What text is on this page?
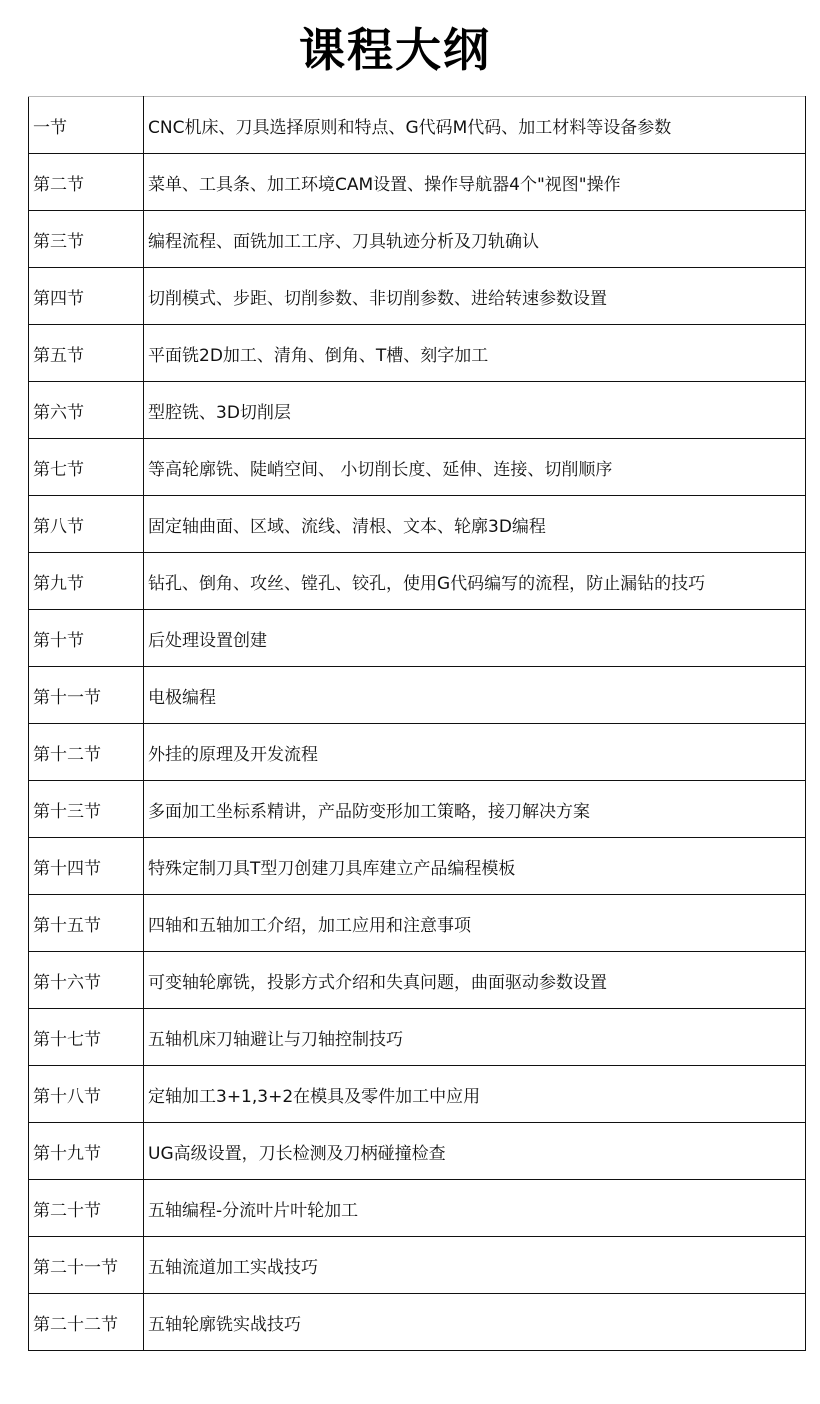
课程大纲
一节	CNC机床、刀具选择原则和特点、G代码M代码、加工材料等设备参数
第二节	菜单、工具条、加工环境CAM设置、操作导航器4个"视图"操作
第三节	编程流程、面铣加工工序、刀具轨迹分析及刀轨确认
第四节	切削模式、步距、切削参数、非切削参数、进给转速参数设置
第五节	平面铣2D加工、清角、倒角、T槽、刻字加工
第六节	型腔铣、3D切削层
第七节	等高轮廓铣、陡峭空间、 小切削长度、延伸、连接、切削顺序
第八节	固定轴曲面、区域、流线、清根、文本、轮廓3D编程
第九节	钻孔、倒角、攻丝、镗孔、铰孔，使用G代码编写的流程，防止漏钻的技巧
第十节	后处理设置创建
第十一节	电极编程
第十二节	外挂的原理及开发流程
第十三节	多面加工坐标系精讲，产品防变形加工策略，接刀解决方案
第十四节	特殊定制刀具T型刀创建刀具库建立产品编程模板
第十五节	四轴和五轴加工介绍，加工应用和注意事项
第十六节	可变轴轮廓铣，投影方式介绍和失真问题，曲面驱动参数设置
第十七节	五轴机床刀轴避让与刀轴控制技巧
第十八节	定轴加工3+1,3+2在模具及零件加工中应用
第十九节	UG高级设置，刀长检测及刀柄碰撞检查
第二十节	五轴编程-分流叶片叶轮加工
第二十一节	五轴流道加工实战技巧
第二十二节	五轴轮廓铣实战技巧
